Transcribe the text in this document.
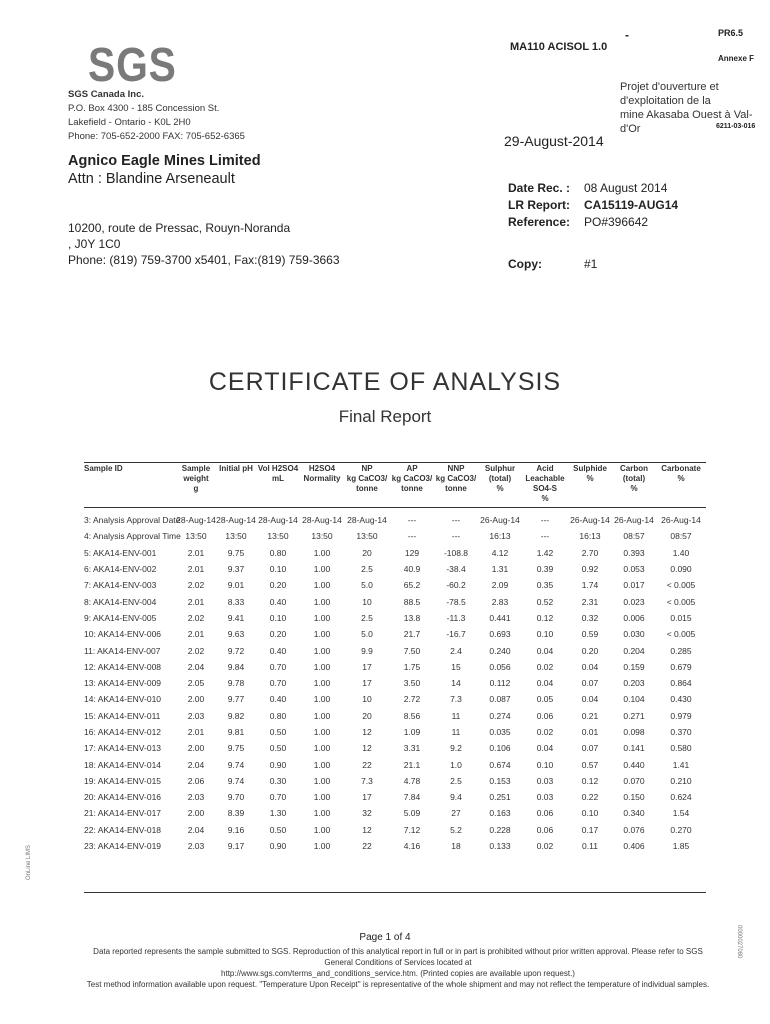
SGS
SGS Canada Inc.
P.O. Box 4300 - 185 Concession St.
Lakefield - Ontario - K0L 2H0
Phone: 705-652-2000 FAX: 705-652-6365
-	PR6.5
MA110 ACISOL 1.0
Annexe F
Projet d'ouverture et d'exploitation de la
mine Akasaba Ouest à Val-d'Or	6211-03-016
29-August-2014
Agnico Eagle Mines Limited
Attn : Blandine Arseneault
10200, route de Pressac, Rouyn-Noranda
, J0Y 1C0
Phone: (819) 759-3700 x5401, Fax:(819) 759-3663
Date Rec. :	08 August 2014
LR Report:	CA15119-AUG14
Reference:	PO#396642
Copy:	#1
CERTIFICATE OF ANALYSIS
Final Report
Sample ID	Sample
weight
g	Initial pH	Vol H2SO4
mL	H2SO4
Normality	NP
kg CaCO3/
tonne	AP
kg CaCO3/
tonne	NNP
kg CaCO3/
tonne	Sulphur
(total)
%	Acid
Leachable
SO4-S
%	Sulphide
%	Carbon
(total)
%	Carbonate
%
3: Analysis Approval Date	28-Aug-14	28-Aug-14	28-Aug-14	28-Aug-14	28-Aug-14	---	---	26-Aug-14	---	26-Aug-14	26-Aug-14	26-Aug-14
4: Analysis Approval Time	13:50	13:50	13:50	13:50	13:50	---	---	16:13	---	16:13	08:57	08:57
5: AKA14-ENV-001	2.01	9.75	0.80	1.00	20	129	-108.8	4.12	1.42	2.70	0.393	1.40
6: AKA14-ENV-002	2.01	9.37	0.10	1.00	2.5	40.9	-38.4	1.31	0.39	0.92	0.053	0.090
7: AKA14-ENV-003	2.02	9.01	0.20	1.00	5.0	65.2	-60.2	2.09	0.35	1.74	0.017	< 0.005
8: AKA14-ENV-004	2.01	8.33	0.40	1.00	10	88.5	-78.5	2.83	0.52	2.31	0.023	< 0.005
9: AKA14-ENV-005	2.02	9.41	0.10	1.00	2.5	13.8	-11.3	0.441	0.12	0.32	0.006	0.015
10: AKA14-ENV-006	2.01	9.63	0.20	1.00	5.0	21.7	-16.7	0.693	0.10	0.59	0.030	< 0.005
11: AKA14-ENV-007	2.02	9.72	0.40	1.00	9.9	7.50	2.4	0.240	0.04	0.20	0.204	0.285
12: AKA14-ENV-008	2.04	9.84	0.70	1.00	17	1.75	15	0.056	0.02	0.04	0.159	0.679
13: AKA14-ENV-009	2.05	9.78	0.70	1.00	17	3.50	14	0.112	0.04	0.07	0.203	0.864
14: AKA14-ENV-010	2.00	9.77	0.40	1.00	10	2.72	7.3	0.087	0.05	0.04	0.104	0.430
15: AKA14-ENV-011	2.03	9.82	0.80	1.00	20	8.56	11	0.274	0.06	0.21	0.271	0.979
16: AKA14-ENV-012	2.01	9.81	0.50	1.00	12	1.09	11	0.035	0.02	0.01	0.098	0.370
17: AKA14-ENV-013	2.00	9.75	0.50	1.00	12	3.31	9.2	0.106	0.04	0.07	0.141	0.580
18: AKA14-ENV-014	2.04	9.74	0.90	1.00	22	21.1	1.0	0.674	0.10	0.57	0.440	1.41
19: AKA14-ENV-015	2.06	9.74	0.30	1.00	7.3	4.78	2.5	0.153	0.03	0.12	0.070	0.210
20: AKA14-ENV-016	2.03	9.70	0.70	1.00	17	7.84	9.4	0.251	0.03	0.22	0.150	0.624
21: AKA14-ENV-017	2.00	8.39	1.30	1.00	32	5.09	27	0.163	0.06	0.10	0.340	1.54
22: AKA14-ENV-018	2.04	9.16	0.50	1.00	12	7.12	5.2	0.228	0.06	0.17	0.076	0.270
23: AKA14-ENV-019	2.03	9.17	0.90	1.00	22	4.16	18	0.133	0.02	0.11	0.406	1.85
Page 1 of 4
Data reported represents the sample submitted to SGS. Reproduction of this analytical report in full or in part is prohibited without prior written approval. Please refer to SGS General Conditions of Services located at
http://www.sgs.com/terms_and_conditions_service.htm. (Printed copies are available upon request.)
Test method information available upon request. "Temperature Upon Receipt" is representative of the whole shipment and may not reflect the temperature of individual samples.
OnLine LIMS
0000027080
